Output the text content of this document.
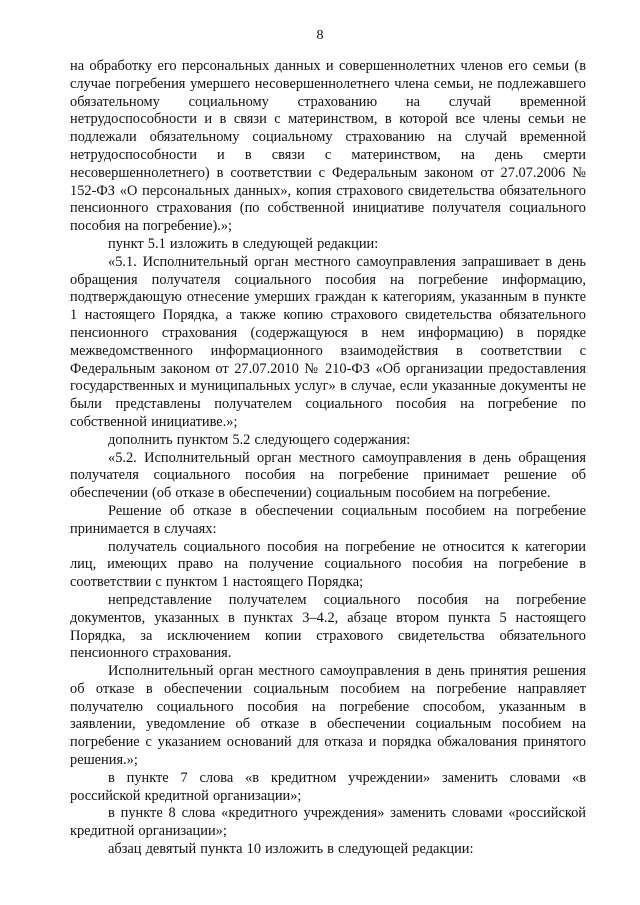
8

на обработку его персональных данных и совершеннолетних членов его семьи (в случае погребения умершего несовершеннолетнего члена семьи, не подлежавшего обязательному социальному страхованию на случай временной нетрудоспособности и в связи с материнством, в которой все члены семьи не подлежали обязательному социальному страхованию на случай временной нетрудоспособности и в связи с материнством, на день смерти несовершеннолетнего) в соответствии с Федеральным законом от 27.07.2006 № 152-ФЗ «О персональных данных», копия страхового свидетельства обязательного пенсионного страхования (по собственной инициативе получателя социального пособия на погребение).»;

пункт 5.1 изложить в следующей редакции:

«5.1. Исполнительный орган местного самоуправления запрашивает в день обращения получателя социального пособия на погребение информацию, подтверждающую отнесение умерших граждан к категориям, указанным в пункте 1 настоящего Порядка, а также копию страхового свидетельства обязательного пенсионного страхования (содержащуюся в нем информацию) в порядке межведомственного информационного взаимодействия в соответствии с Федеральным законом от 27.07.2010 № 210-ФЗ «Об организации предоставления государственных и муниципальных услуг» в случае, если указанные документы не были представлены получателем социального пособия на погребение по собственной инициативе.»;

дополнить пунктом 5.2 следующего содержания:

«5.2. Исполнительный орган местного самоуправления в день обращения получателя социального пособия на погребение принимает решение об обеспечении (об отказе в обеспечении) социальным пособием на погребение.

Решение об отказе в обеспечении социальным пособием на погребение принимается в случаях:

получатель социального пособия на погребение не относится к категории лиц, имеющих право на получение социального пособия на погребение в соответствии с пунктом 1 настоящего Порядка;

непредставление получателем социального пособия на погребение документов, указанных в пунктах 3–4.2, абзаце втором пункта 5 настоящего Порядка, за исключением копии страхового свидетельства обязательного пенсионного страхования.

Исполнительный орган местного самоуправления в день принятия решения об отказе в обеспечении социальным пособием на погребение направляет получателю социального пособия на погребение способом, указанным в заявлении, уведомление об отказе в обеспечении социальным пособием на погребение с указанием оснований для отказа и порядка обжалования принятого решения.»;

в пункте 7 слова «в кредитном учреждении» заменить словами «в российской кредитной организации»;

в пункте 8 слова «кредитного учреждения» заменить словами «российской кредитной организации»;

абзац девятый пункта 10 изложить в следующей редакции:
